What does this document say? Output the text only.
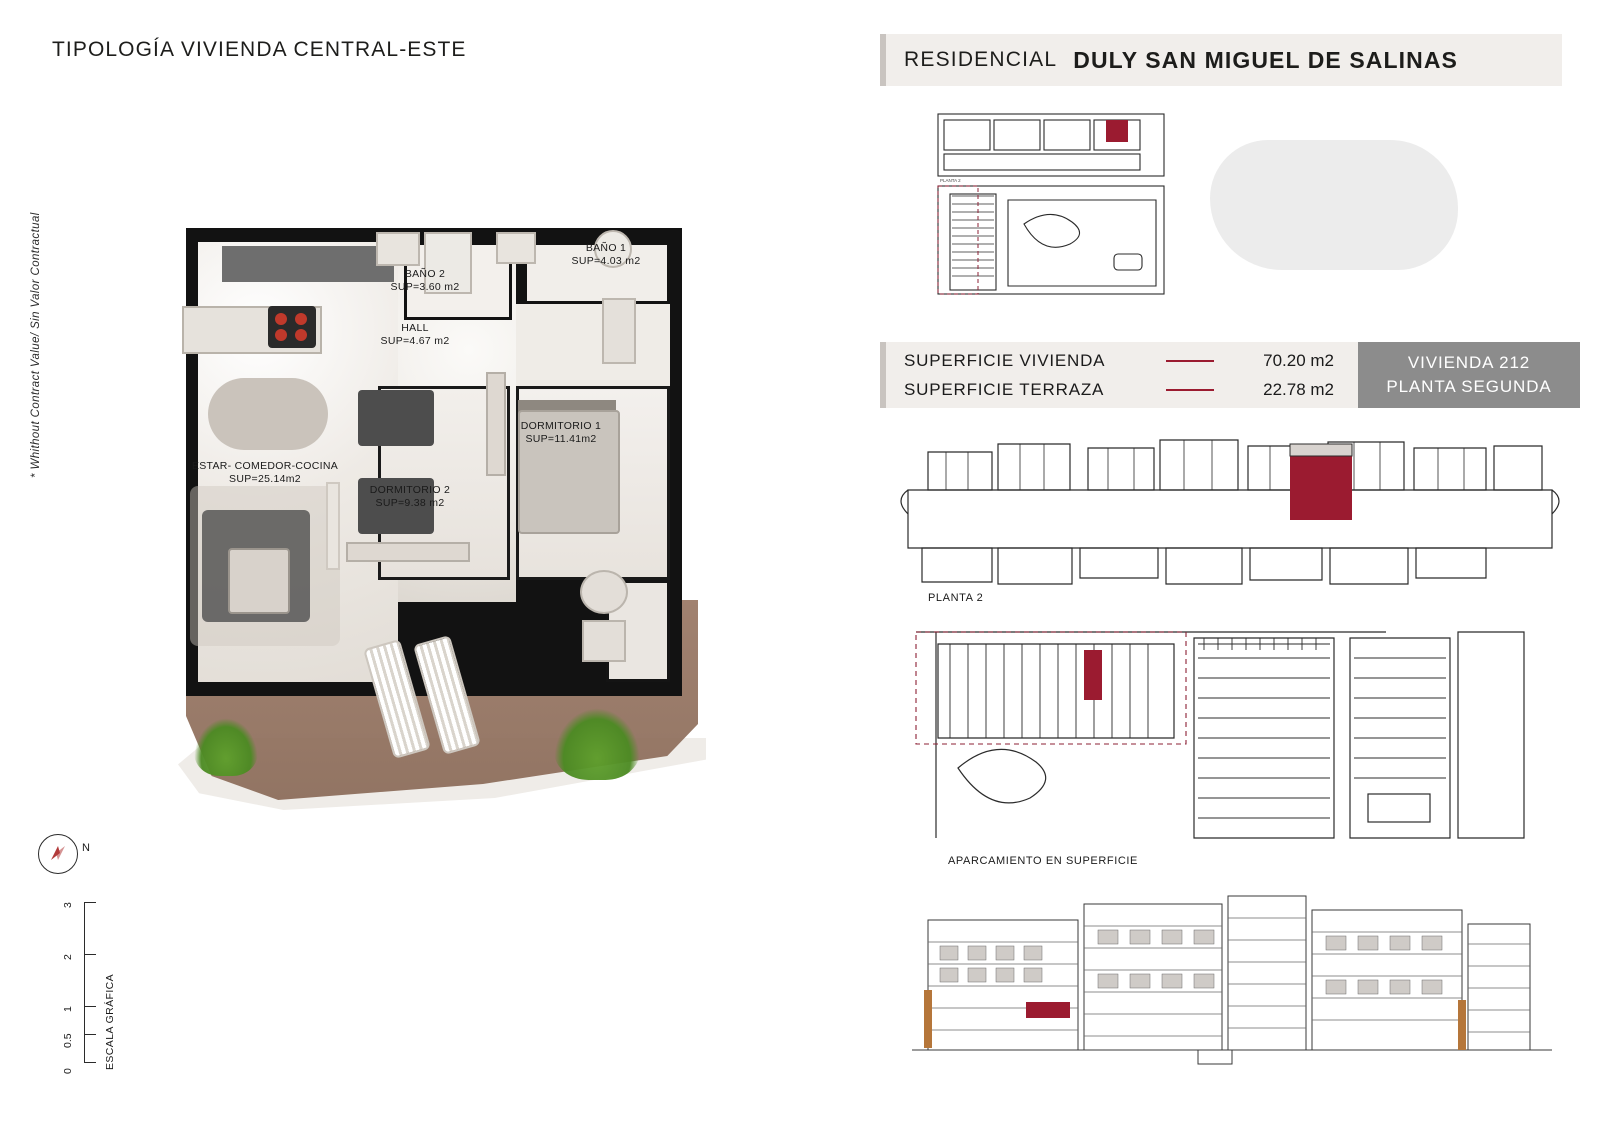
TIPOLOGÍA VIVIENDA CENTRAL-ESTE
BAÑO 1
SUP=4.03 m2
BAÑO 2
SUP=3.60 m2
HALL
SUP=4.67 m2
DORMITORIO 1
SUP=11.41m2
DORMITORIO 2
SUP=9.38 m2
ESTAR- COMEDOR-COCINA
SUP=25.14m2
* Whithout Contract Value/ Sin Valor Contractual
N
3
2
1
0.5
0
ESCALA GRÁFICA
RESIDENCIAL DULY SAN MIGUEL DE SALINAS
PLANTA 2
SUPERFICIE VIVIENDA	70.20 m2
SUPERFICIE TERRAZA	22.78 m2
VIVIENDA 212
PLANTA SEGUNDA
PLANTA 2
APARCAMIENTO EN SUPERFICIE
